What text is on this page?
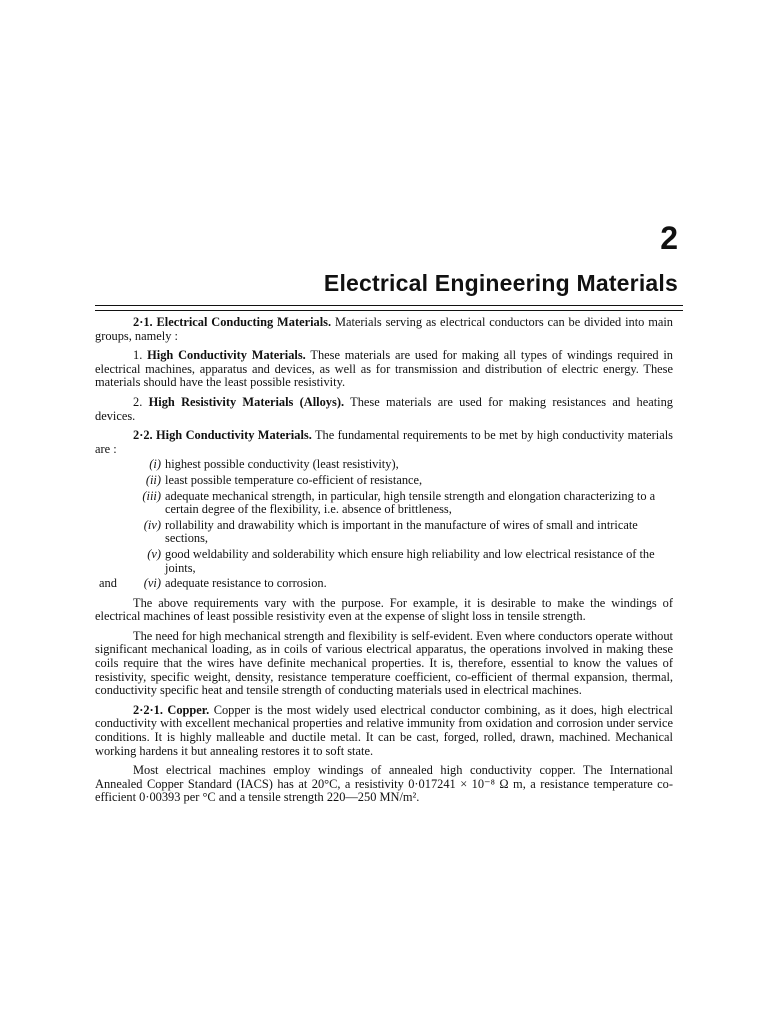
2
Electrical Engineering Materials

2·1. Electrical Conducting Materials. Materials serving as electrical conductors can be divided into main groups, namely :

1. High Conductivity Materials. These materials are used for making all types of windings required in electrical machines, apparatus and devices, as well as for transmission and distribution of electric energy. These materials should have the least possible resistivity.

2. High Resistivity Materials (Alloys). These materials are used for making resistances and heating devices.

2·2. High Conductivity Materials. The fundamental requirements to be met by high conductivity materials are :

(i) highest possible conductivity (least resistivity),
(ii) least possible temperature co-efficient of resistance,
(iii) adequate mechanical strength, in particular, high tensile strength and elongation characterizing to a certain degree of the flexibility, i.e. absence of brittleness,
(iv) rollability and drawability which is important in the manufacture of wires of small and intricate sections,
(v) good weldability and solderability which ensure high reliability and low electrical resistance of the joints,
and	(vi) adequate resistance to corrosion.

The above requirements vary with the purpose. For example, it is desirable to make the windings of electrical machines of least possible resistivity even at the expense of slight loss in tensile strength.

The need for high mechanical strength and flexibility is self-evident. Even where conductors operate without significant mechanical loading, as in coils of various electrical apparatus, the operations involved in making these coils require that the wires have definite mechanical properties. It is, therefore, essential to know the values of resistivity, specific weight, density, resistance temperature coefficient, co-efficient of thermal expansion, thermal, conductivity specific heat and tensile strength of conducting materials used in electrical machines.

2·2·1. Copper. Copper is the most widely used electrical conductor combining, as it does, high electrical conductivity with excellent mechanical properties and relative immunity from oxidation and corrosion under service conditions. It is highly malleable and ductile metal. It can be cast, forged, rolled, drawn, machined. Mechanical working hardens it but annealing restores it to soft state.

Most electrical machines employ windings of annealed high conductivity copper. The International Annealed Copper Standard (IACS) has at 20°C, a resistivity 0·017241 × 10⁻⁸ Ω m, a resistance temperature co-efficient 0·00393 per °C and a tensile strength 220—250 MN/m².
